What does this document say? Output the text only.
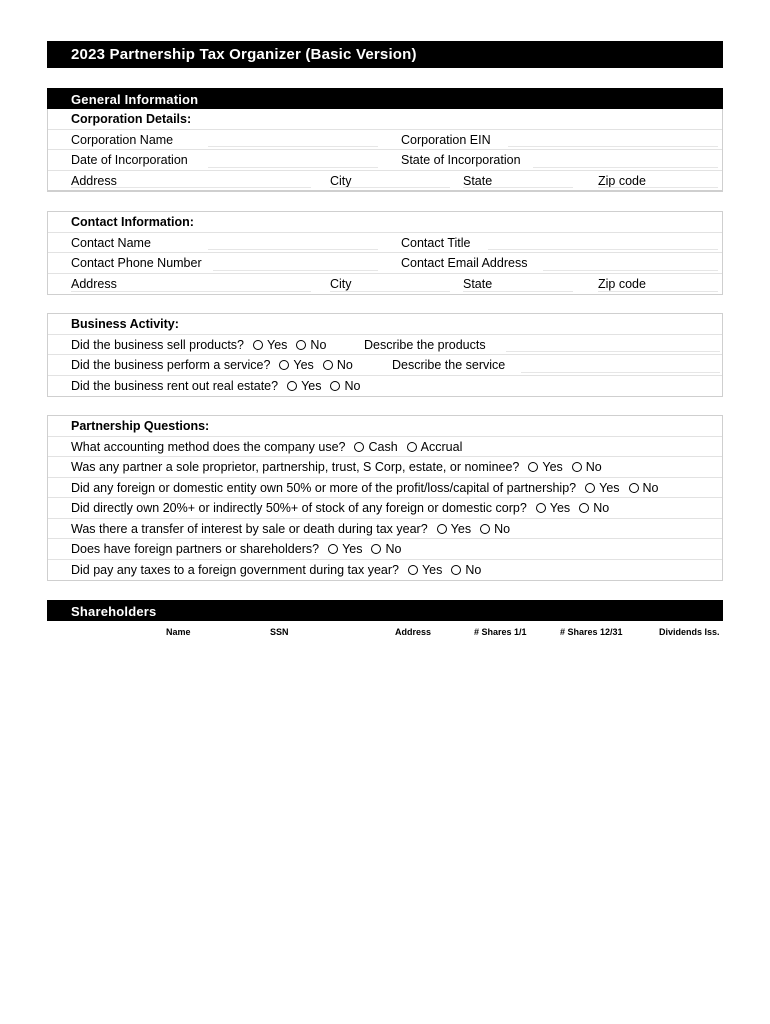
2023 Partnership Tax Organizer (Basic Version)
General Information
Corporation Details:
Corporation Name	Corporation EIN
Date of Incorporation	State of Incorporation
Address	City	State	Zip code
Contact Information:
Contact Name	Contact Title
Contact Phone Number	Contact Email Address
Address	City	State	Zip code
Business Activity:
Did the business sell products? Yes No	Describe the products
Did the business perform a service? Yes No	Describe the service
Did the business rent out real estate? Yes No
Partnership Questions:
What accounting method does the company use? Cash Accrual
Was any partner a sole proprietor, partnership, trust, S Corp, estate, or nominee? Yes No
Did any foreign or domestic entity own 50% or more of the profit/loss/capital of partnership? Yes No
Did directly own 20%+ or indirectly 50%+ of stock of any foreign or domestic corp? Yes No
Was there a transfer of interest by sale or death during tax year? Yes No
Does have foreign partners or shareholders? Yes No
Did pay any taxes to a foreign government during tax year? Yes No
Shareholders
Name	SSN	Address	# Shares 1/1	# Shares 12/31	Dividends Iss.
